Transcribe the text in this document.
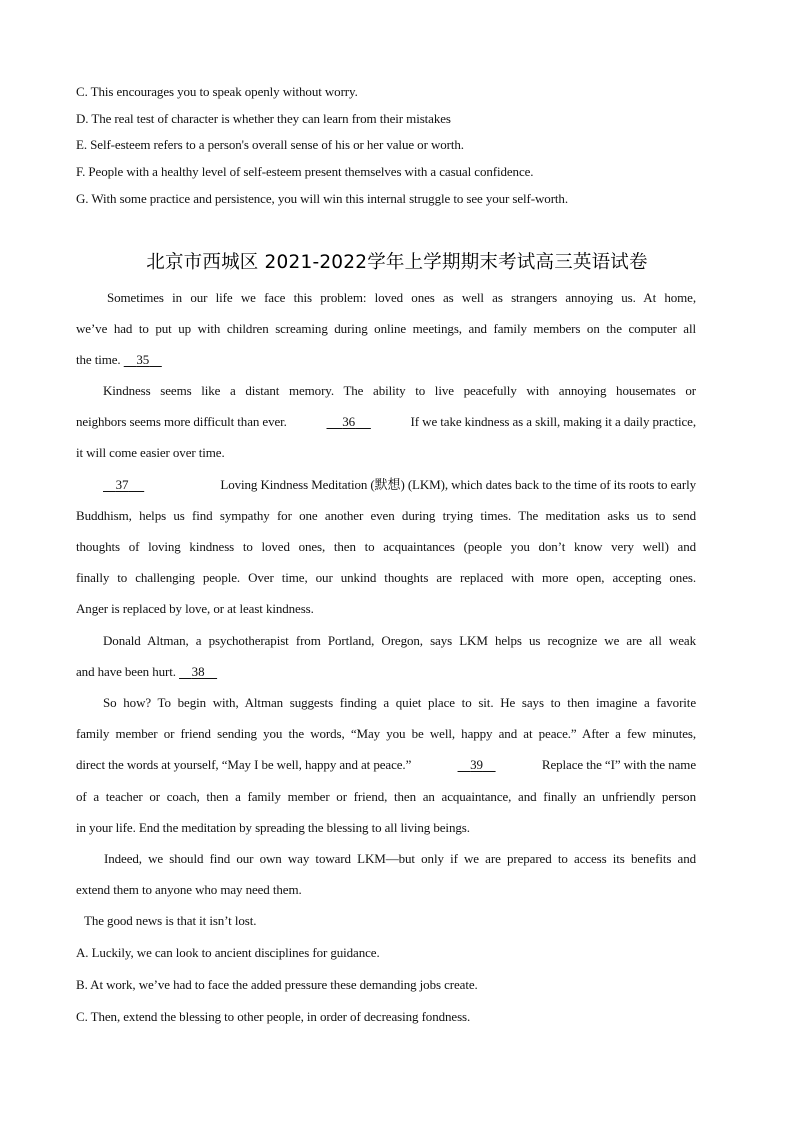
C. This encourages you to speak openly without worry.
D. The real test of character is whether they can learn from their mistakes
E. Self-esteem refers to a person's overall sense of his or her value or worth.
F. People with a healthy level of self-esteem present themselves with a casual confidence.
G. With some practice and persistence, you will win this internal struggle to see your self-worth.
北京市西城区 2021-2022学年上学期期末考试高三英语试卷
Sometimes in our life we face this problem: loved ones as well as strangers annoying us. At home,
we’ve had to put up with children screaming during online meetings, and family members on the computer all
the time. 35
Kindness seems like a distant memory. The ability to live peacefully with annoying housemates or
neighbors seems more difficult than ever.	36	If we take kindness as a skill, making it a daily practice,
it will come easier over time.
37	Loving Kindness Meditation (默想) (LKM), which dates back to the time of its roots to early
Buddhism, helps us find sympathy for one another even during trying times. The meditation asks us to send
thoughts of loving kindness to loved ones, then to acquaintances (people you don’t know very well) and
finally to challenging people. Over time, our unkind thoughts are replaced with more open, accepting ones.
Anger is replaced by love, or at least kindness.
Donald Altman, a psychotherapist from Portland, Oregon, says LKM helps us recognize we are all weak
and have been hurt. 38
So how? To begin with, Altman suggests finding a quiet place to sit. He says to then imagine a favorite
family member or friend sending you the words, “May you be well, happy and at peace.” After a few minutes,
direct the words at yourself, “May I be well, happy and at peace.”	39	Replace the “I” with the name
of a teacher or coach, then a family member or friend, then an acquaintance, and finally an unfriendly person
in your life. End the meditation by spreading the blessing to all living beings.
Indeed, we should find our own way toward LKM—but only if we are prepared to access its benefits and
extend them to anyone who may need them.
The good news is that it isn’t lost.
A. Luckily, we can look to ancient disciplines for guidance.
B. At work, we’ve had to face the added pressure these demanding jobs create.
C. Then, extend the blessing to other people, in order of decreasing fondness.
